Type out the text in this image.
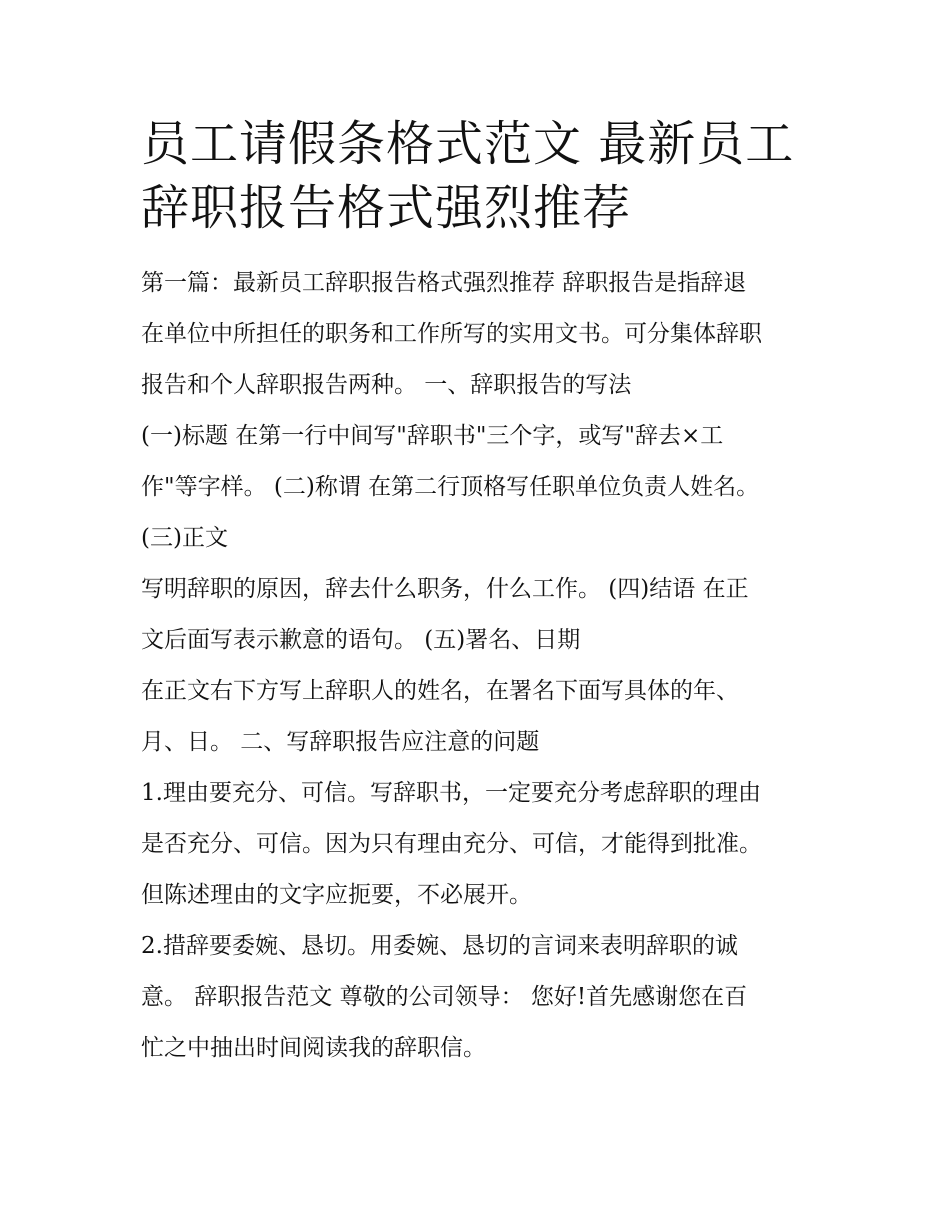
员工请假条格式范文 最新员工
辞职报告格式强烈推荐
第一篇：最新员工辞职报告格式强烈推荐 辞职报告是指辞退
在单位中所担任的职务和工作所写的实用文书。可分集体辞职
报告和个人辞职报告两种。 一、辞职报告的写法
(一)标题 在第一行中间写"辞职书"三个字，或写"辞去×工
作"等字样。 (二)称谓 在第二行顶格写任职单位负责人姓名。
(三)正文
写明辞职的原因，辞去什么职务，什么工作。 (四)结语 在正
文后面写表示歉意的语句。 (五)署名、日期
在正文右下方写上辞职人的姓名，在署名下面写具体的年、
月、日。 二、写辞职报告应注意的问题
1.理由要充分、可信。写辞职书，一定要充分考虑辞职的理由
是否充分、可信。因为只有理由充分、可信，才能得到批准。
但陈述理由的文字应扼要，不必展开。
2.措辞要委婉、恳切。用委婉、恳切的言词来表明辞职的诚
意。 辞职报告范文 尊敬的公司领导： 您好!首先感谢您在百
忙之中抽出时间阅读我的辞职信。
